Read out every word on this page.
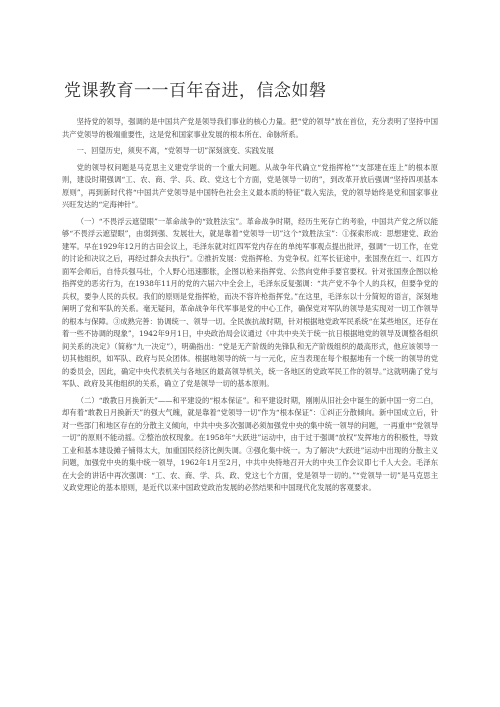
党课教育一一百年奋进，信念如磐

坚持党的领导，强调的是中国共产党是领导我们事业的核心力量。把“党的领导”放在首位，充分表明了坚持中国共产党领导的极端重要性，这是党和国家事业发展的根本所在、命脉所系。

一、回望历史，须臾不离，“党领导一切”深刻演变、实践发展

党的领导权问题是马克思主义建党学说的一个重大问题。从战争年代确立“党指挥枪”“支部建在连上”的根本原则，建设时期强调“工、农、商、学、兵、政、党这七个方面，党是领导一切的”，到改革开放后强调“坚持四项基本原则”，再到新时代将“中国共产党领导是中国特色社会主义最本质的特征”载入宪法，党的领导始终是党和国家事业兴旺发达的“定海神针”。

（一）“不畏浮云遮望眼”一革命战争的“致胜法宝”。革命战争时期，经历生死存亡的考验，中国共产党之所以能够“不畏浮云遮望眼”，由弱到强、发展壮大，就是靠着“党领导一切”这个“致胜法宝”：①探索形成：思想建党、政治建军。早在1929年12月的古田会议上，毛泽东就对红四军党内存在的单纯军事观点提出批评，强调“一切工作，在党的讨论和决议之后，再经过群众去执行”。②推折发展：党指挥枪、为党争权。红军长征途中，张国焘在红一、红四方面军会师后，自恃兵强马壮，个人野心迅速膨胀，企图以枪来指挥党、公然向党伸手要官要权。针对张国焘企图以枪指挥党的恶劣行为，在1938年11月的党的六届六中全会上，毛泽东反复强调：“共产党不争个人的兵权，但要争党的兵权，要争人民的兵权。我们的原则是党指挥枪，而决不容许枪指挥党。”在这里，毛泽东以十分简短的语言，深刻地阐明了党和军队的关系。毫无疑问，革命战争年代军事是党的中心工作，确保党对军队的领导是实现对一切工作领导的根本与保障。③成熟完善：协调统一、领导一切。全民族抗战时期，针对根据地党政军民系统“在某些地区，还存在着一些不协调的现象”，1942年9月1日，中央政治局会议通过《中共中央关于统一抗日根据地党的领导及调整各组织间关系的决定》（简称“九一决定”），明确指出：“党是无产阶级的先锋队和无产阶级组织的最高形式，他应该领导一切其他组织，如军队、政府与民众团体。根据地领导的统一与一元化，应当表现在每个根据地有一个统一的领导的党的委员会，因此，确定中央代表机关与各地区的最高领导机关，统一各地区的党政军民工作的领导。”这就明确了党与军队、政府及其他组织的关系，确立了党是领导一切的基本原则。

（二）“敢教日月换新天”——和平建设的“根本保证”。和平建设时期，刚刚从旧社会中诞生的新中国一穷二白，却有着“敢教日月换新天”的强大气魄，就是靠着“党领导一切”作为“根本保证”：①纠正分散倾向。新中国成立后，针对一些部门和地区存在的分散主义倾向，中共中央多次强调必须加强党中央的集中统一领导的问题，一再重申“党领导一切”的原则不能动摇。②整治放权现象。在1958年“大跃进”运动中，由于过于强调“放权”发挥地方的积极性，导致工业和基本建设摊子铺得太大，加重国民经济比例失调。③强化集中统一。为了解决“大跃进”运动中出现的分散主义问题，加强党中央的集中统一领导，1962年1月至2月，中共中央特地召开大的中央工作会议即七千人大会。毛泽东在大会的讲话中再次强调：“工、农、商、学、兵、政、党这七个方面，党是领导一切的。”“党领导一切”是马克思主义政党理论的基本原则，是近代以来中国政党政治发展的必然结果和中国现代化发展的客观要求。
